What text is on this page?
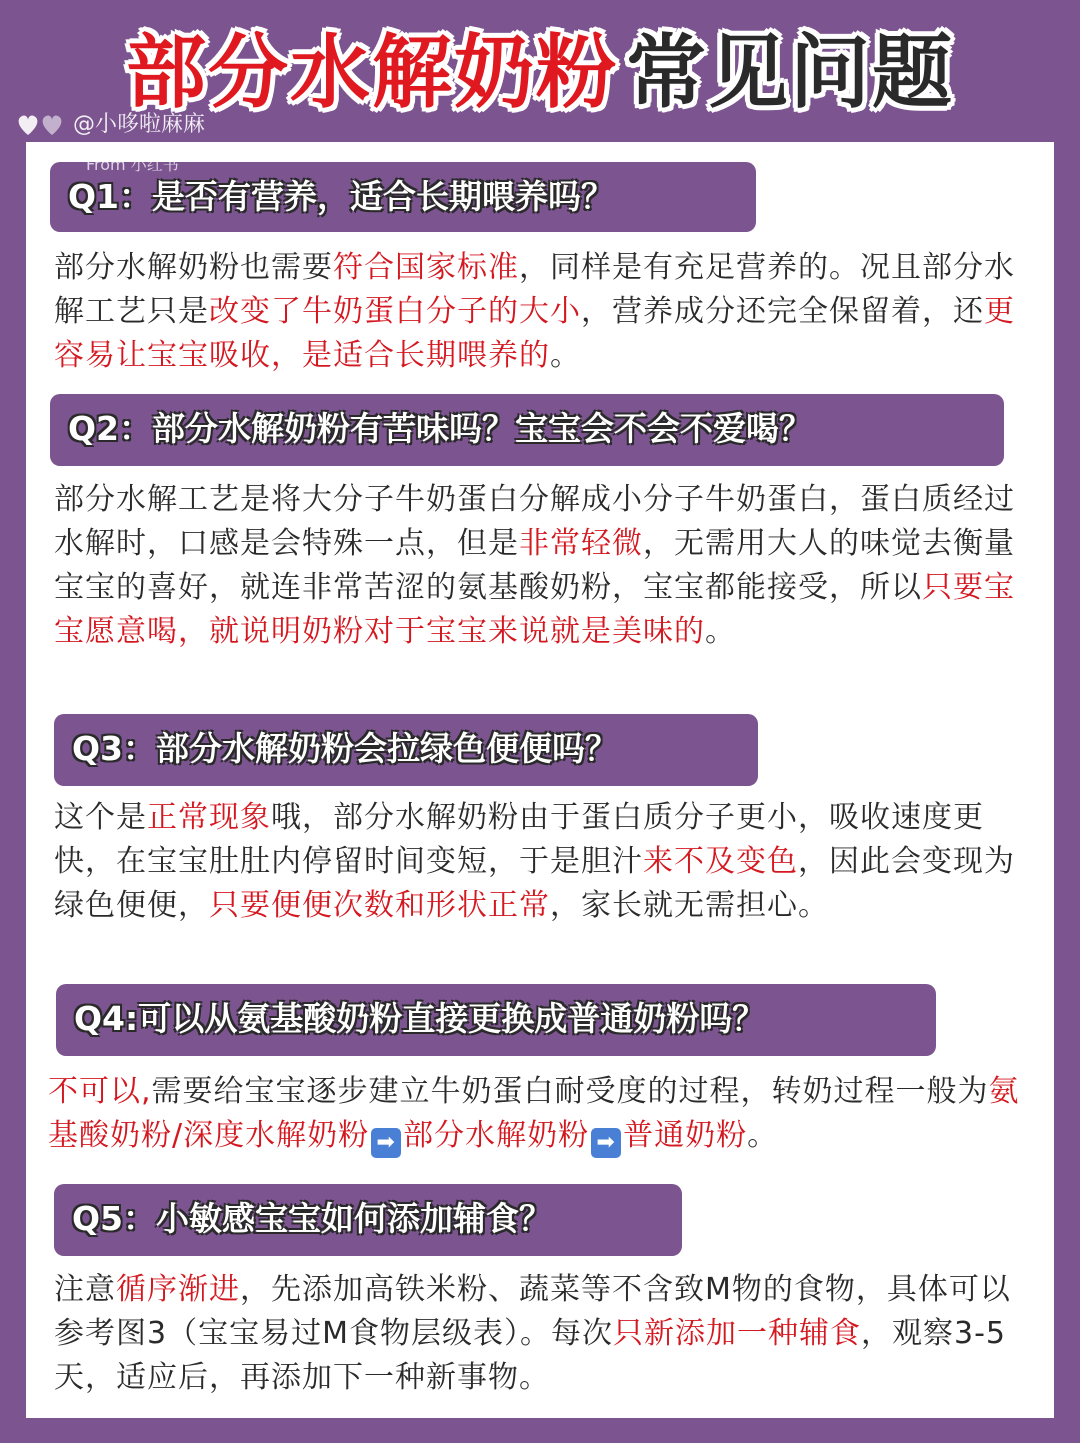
部分水解奶粉 常见问题
Q1：是否有营养，适合长期喂养吗？
部分水解奶粉也需要符合国家标准，同样是有充足营养的。况且部分水解工艺只是改变了牛奶蛋白分子的大小，营养成分还完全保留着，还更容易让宝宝吸收，是适合长期喂养的。
Q2：部分水解奶粉有苦味吗？宝宝会不会不爱喝？
部分水解工艺是将大分子牛奶蛋白分解成小分子牛奶蛋白，蛋白质经过水解时，口感是会特殊一点，但是非常轻微，无需用大人的味觉去衡量宝宝的喜好，就连非常苦涩的氨基酸奶粉，宝宝都能接受，所以只要宝宝愿意喝，就说明奶粉对于宝宝来说就是美味的。
Q3：部分水解奶粉会拉绿色便便吗？
这个是正常现象哦，部分水解奶粉由于蛋白质分子更小，吸收速度更快，在宝宝肚肚内停留时间变短，于是胆汁来不及变色，因此会变现为绿色便便，只要便便次数和形状正常，家长就无需担心。
Q4:可以从氨基酸奶粉直接更换成普通奶粉吗？
不可以,需要给宝宝逐步建立牛奶蛋白耐受度的过程，转奶过程一般为氨基酸奶粉/深度水解奶粉 ➡ 部分水解奶粉 ➡ 普通奶粉。
Q5：小敏感宝宝如何添加辅食？
注意循序渐进，先添加高铁米粉、蔬菜等不含致M物的食物，具体可以参考图3（宝宝易过M食物层级表）。每次只新添加一种辅食，观察3-5天，适应后，再添加下一种新事物。
@小哆啦麻麻
From 小红书
